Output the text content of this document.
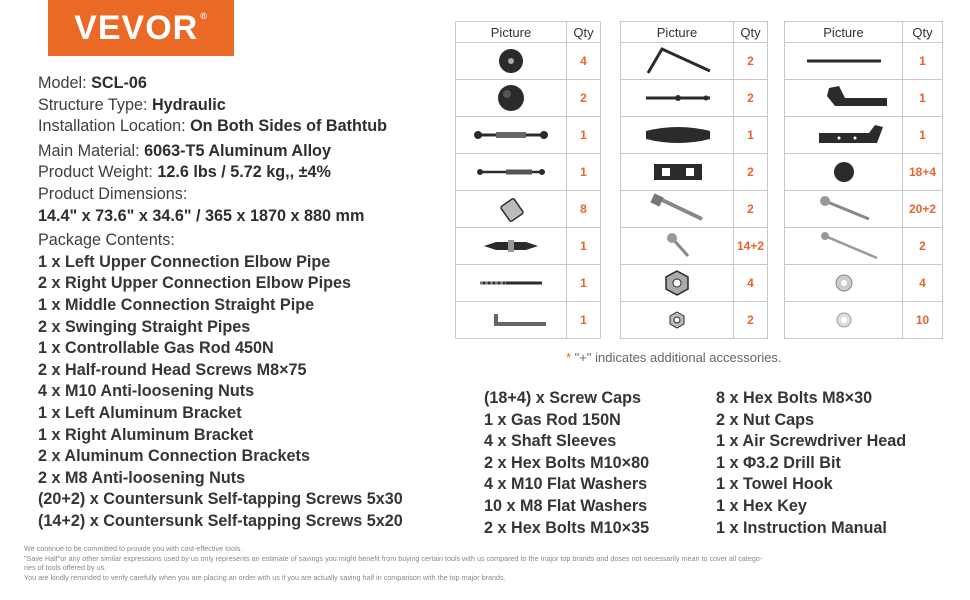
VEVOR ®
Model: SCL-06
Structure Type: Hydraulic
Installation Location: On Both Sides of Bathtub
Main Material: 6063-T5 Aluminum Alloy
Product Weight: 12.6 lbs / 5.72 kg,, ±4%
Product Dimensions:
14.4" x 73.6" x 34.6" / 365 x 1870 x 880 mm
Package Contents:
1 x Left Upper Connection Elbow Pipe
2 x Right Upper Connection Elbow Pipes
1 x Middle Connection Straight Pipe
2 x Swinging Straight Pipes
1 x Controllable Gas Rod 450N
2 x Half-round Head Screws M8×75
4 x M10 Anti-loosening Nuts
1 x Left Aluminum Bracket
1 x Right Aluminum Bracket
2 x Aluminum Connection Brackets
2 x M8 Anti-loosening Nuts
(20+2) x Countersunk Self-tapping Screws 5x30
(14+2) x Countersunk Self-tapping Screws 5x20
Picture	Qty

	4

	2

	1

	1

	8

	1

	1

	1
Picture	Qty

	2

	2

	1

	2

	2

	14+2

	4

	2
Picture	Qty

	1

	1

	1

	18+4

	20+2

	2

	4

	10
* "+" indicates additional accessories.
(18+4) x Screw Caps
1 x Gas Rod 150N
4 x Shaft Sleeves
2 x Hex Bolts M10×80
4 x M10 Flat Washers
10 x M8 Flat Washers
2 x Hex Bolts M10×35
8 x Hex Bolts M8×30
2 x Nut Caps
1 x Air Screwdriver Head
1 x Φ3.2 Drill Bit
1 x Towel Hook
1 x Hex Key
1 x Instruction Manual
We continue to be committed to provide you with cost-effective tools.
"Save Half"or any other similar expressions used by us only represents an estimate of savings you might benefit from buying certain tools with us compared to the major top brands and doses not necessarily mean to cover all catego-
ries of tools offered by us.
You are kindly reminded to verify carefully when you are placing an order with us if you are actually saving half in comparison with the top major brands.
